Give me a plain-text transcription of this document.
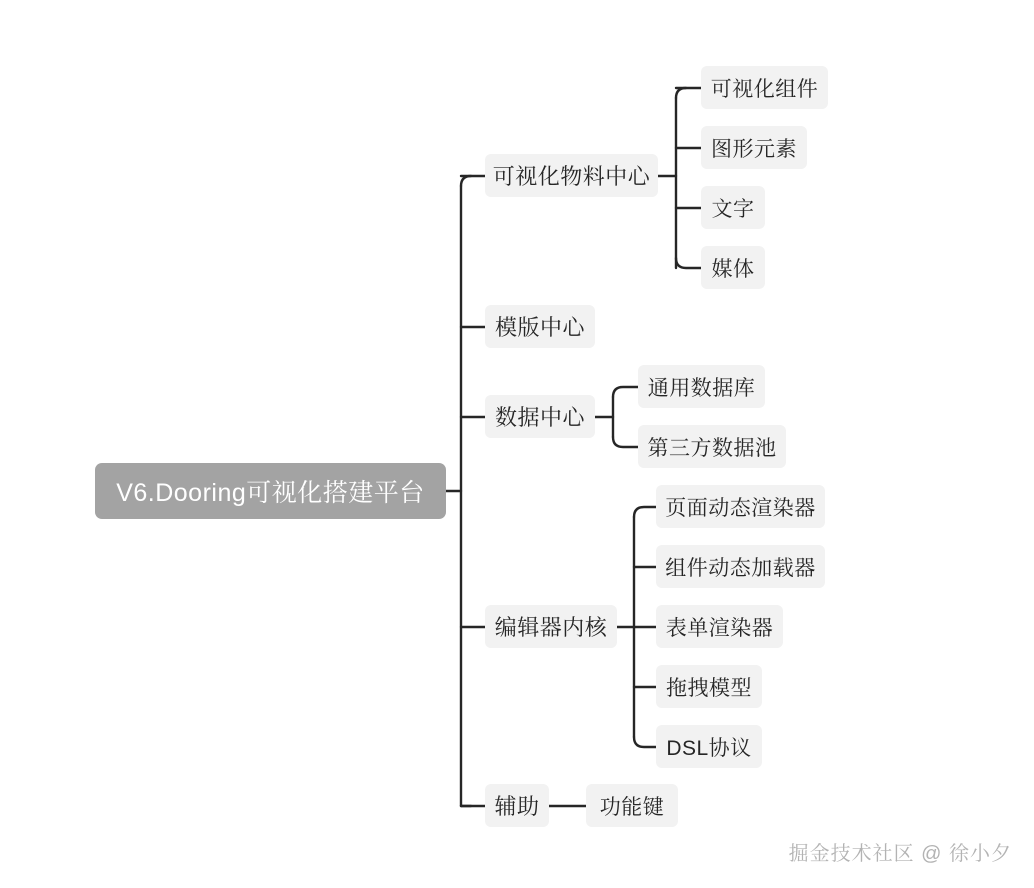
V6.Dooring可视化搭建平台
可视化物料中心
模版中心
数据中心
编辑器内核
辅助
可视化组件
图形元素
文字
媒体
通用数据库
第三方数据池
页面动态渲染器
组件动态加载器
表单渲染器
拖拽模型
DSL协议
功能键
掘金技术社区 @ 徐小夕
